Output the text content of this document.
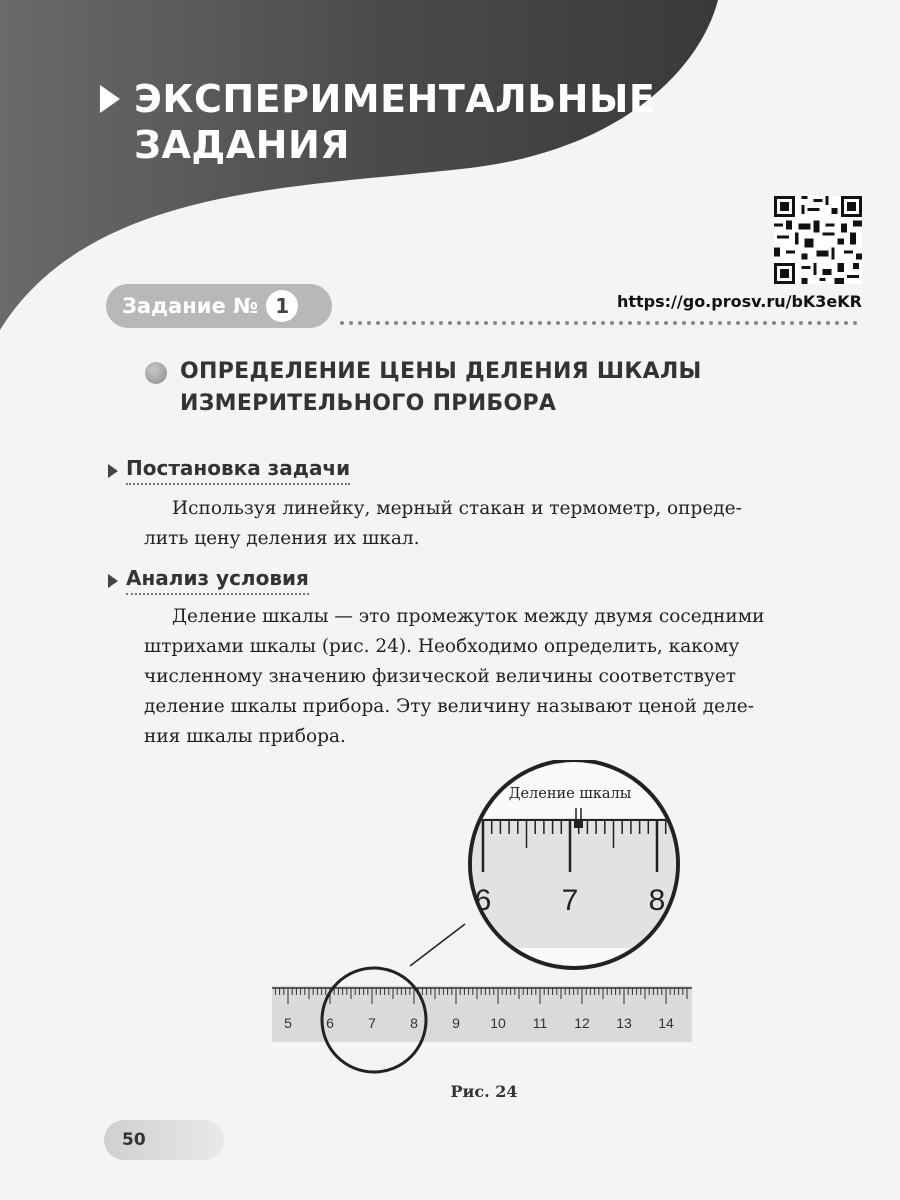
ЭКСПЕРИМЕНТАЛЬНЫЕ
ЗАДАНИЯ
https://go.prosv.ru/bK3eKR
Задание № 1
ОПРЕДЕЛЕНИЕ ЦЕНЫ ДЕЛЕНИЯ ШКАЛЫ
ИЗМЕРИТЕЛЬНОГО ПРИБОРА
Постановка задачи
Используя линейку, мерный стакан и термометр, опреде-
лить цену деления их шкал.
Анализ условия
Деление шкалы — это промежуток между двумя соседними
штрихами шкалы (рис. 24). Необходимо определить, какому
численному значению физической величины соответствует
деление шкалы прибора. Эту величину называют ценой деле-
ния шкалы прибора.
6 7 8
Деление шкалы
5 6 7 8 9 10 11 12 13 14
Рис. 24
50
